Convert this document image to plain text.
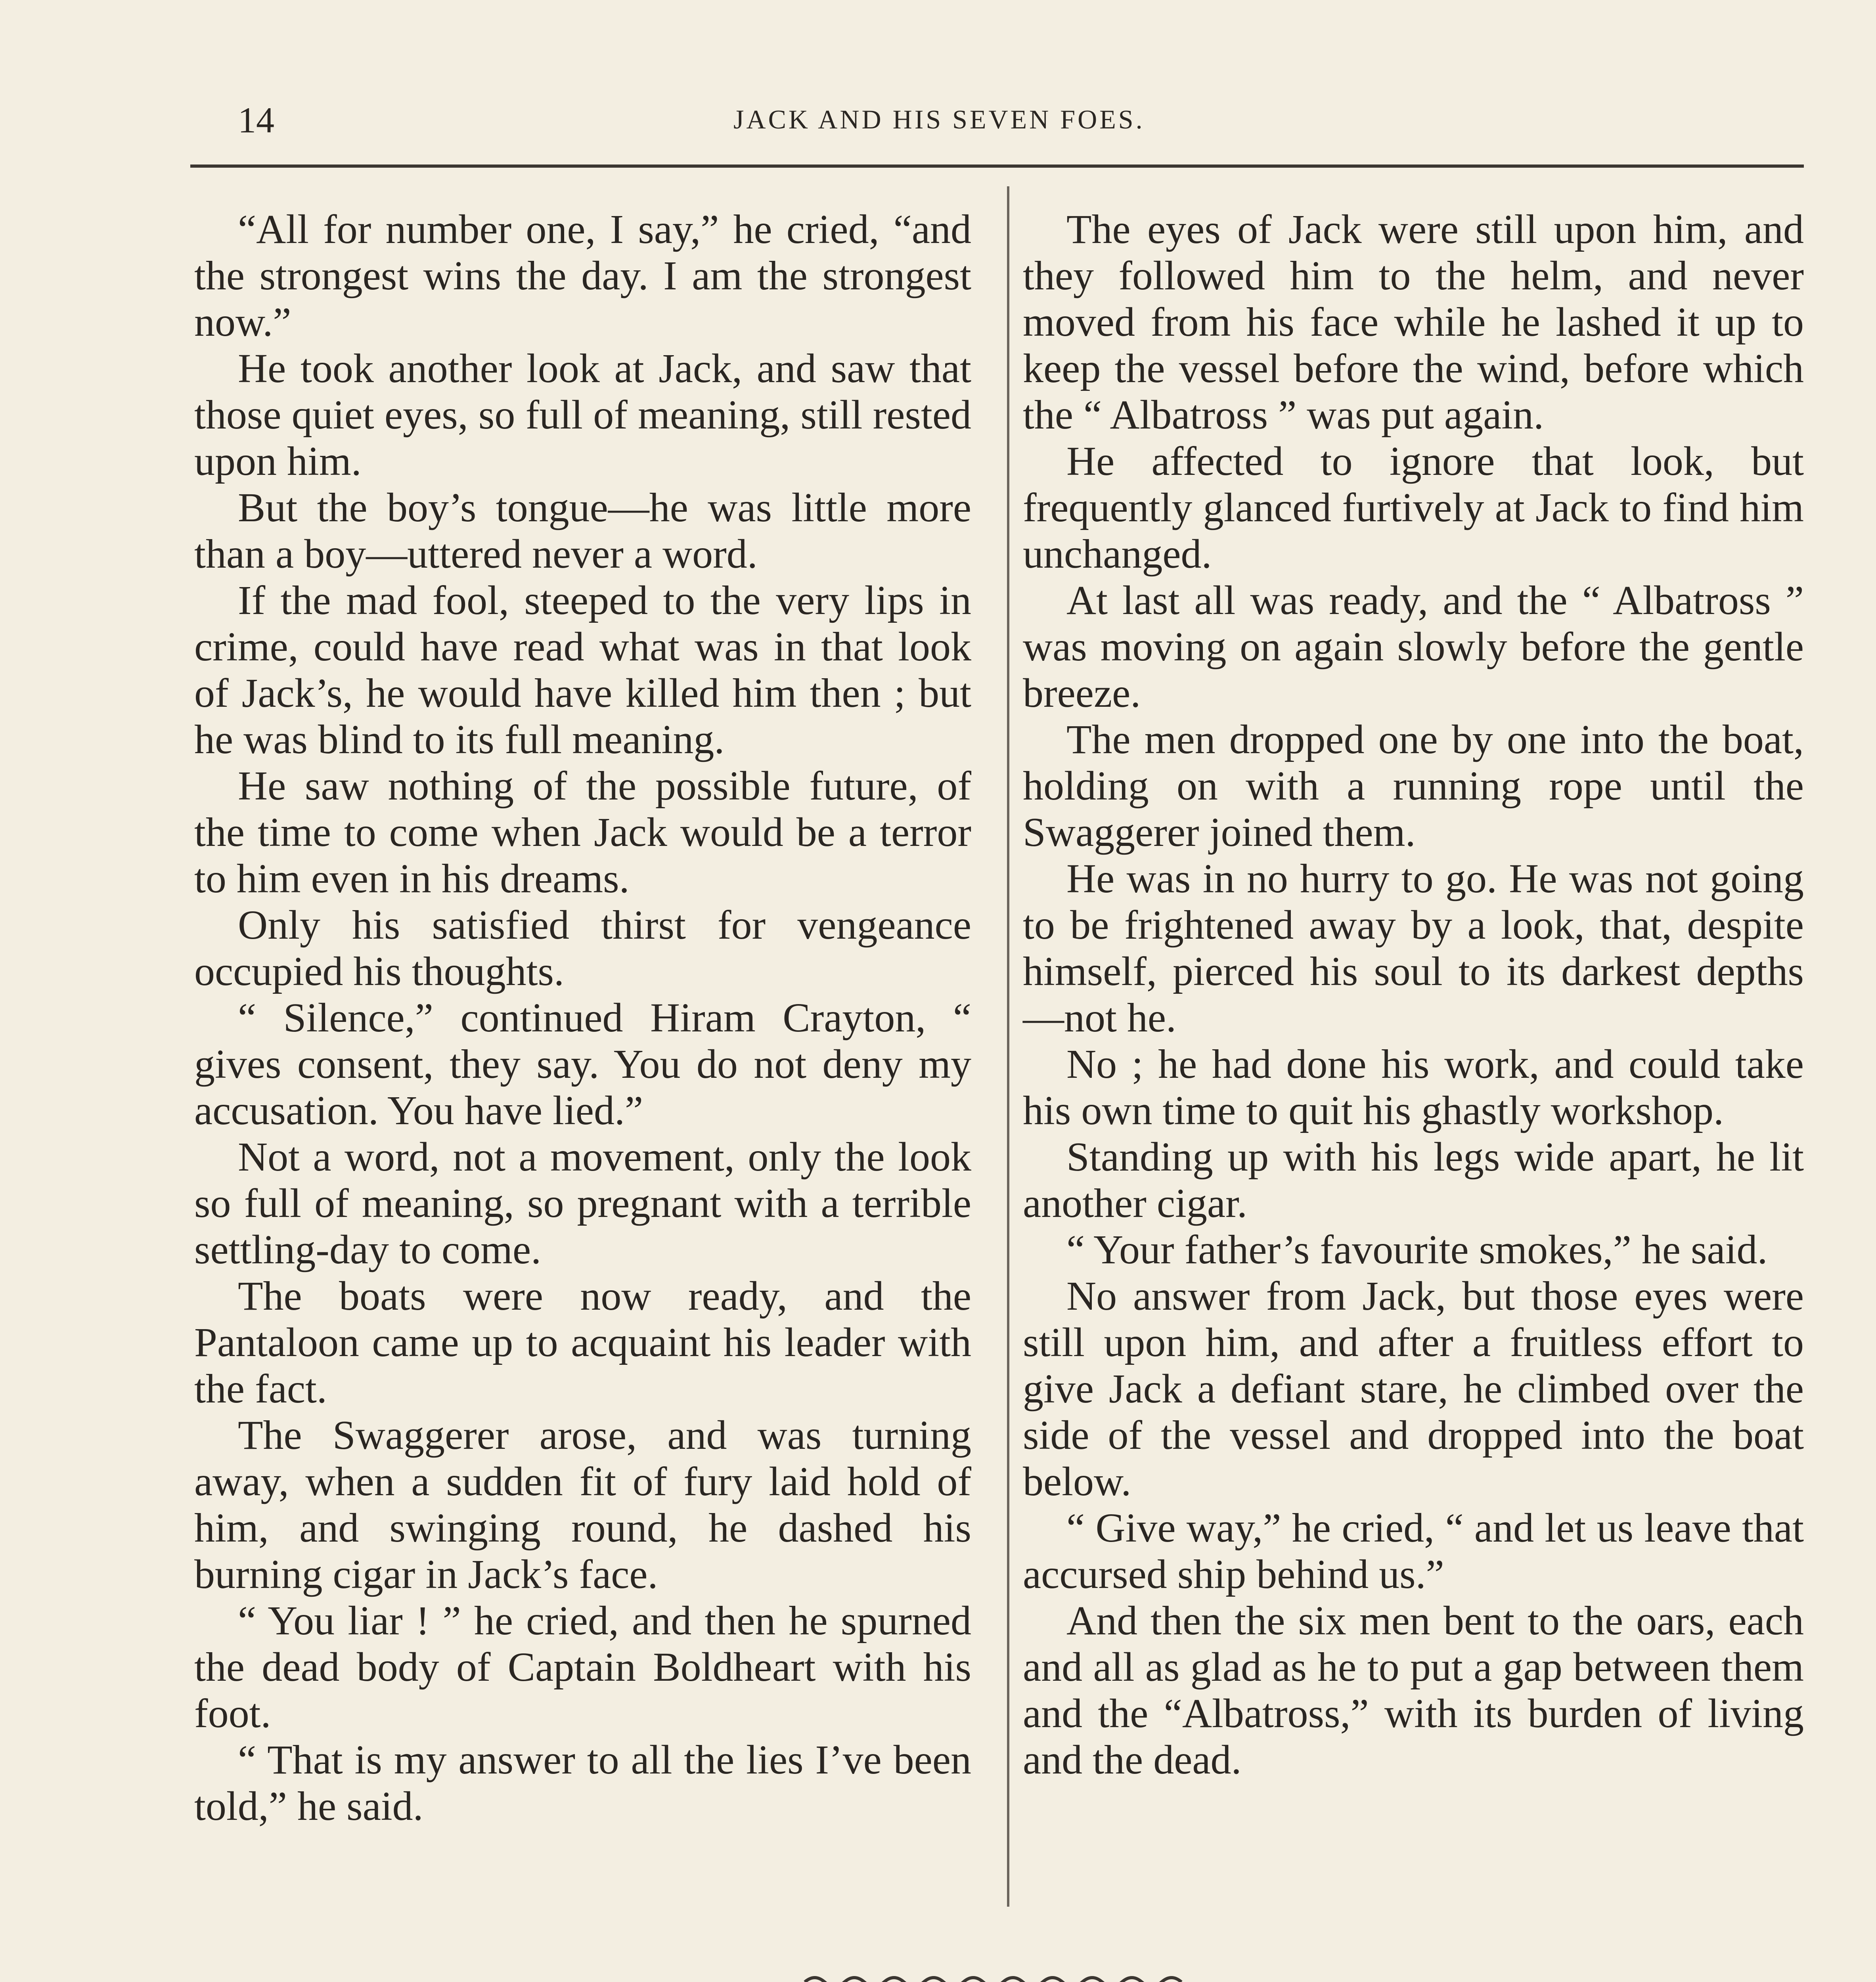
14	JACK AND HIS SEVEN FOES.

“All for number one, I say,” he cried, “and the strongest wins the day. I am the strongest now.”

He took another look at Jack, and saw that those quiet eyes, so full of meaning, still rested upon him.

But the boy’s tongue—he was little more than a boy—uttered never a word.

If the mad fool, steeped to the very lips in crime, could have read what was in that look of Jack’s, he would have killed him then ; but he was blind to its full meaning.

He saw nothing of the possible future, of the time to come when Jack would be a terror to him even in his dreams.

Only his satisfied thirst for vengeance occupied his thoughts.

“ Silence,” continued Hiram Crayton, “ gives consent, they say. You do not deny my accusation. You have lied.”

Not a word, not a movement, only the look so full of meaning, so pregnant with a terrible settling-day to come.

The boats were now ready, and the Pantaloon came up to acquaint his leader with the fact.

The Swaggerer arose, and was turning away, when a sudden fit of fury laid hold of him, and swinging round, he dashed his burning cigar in Jack’s face.

“ You liar ! ” he cried, and then he spurned the dead body of Captain Boldheart with his foot.

“ That is my answer to all the lies I’ve been told,” he said.

The eyes of Jack were still upon him, and they followed him to the helm, and never moved from his face while he lashed it up to keep the vessel before the wind, before which the “ Albatross ” was put again.

He affected to ignore that look, but frequently glanced furtively at Jack to find him unchanged.

At last all was ready, and the “ Albatross ” was moving on again slowly before the gentle breeze.

The men dropped one by one into the boat, holding on with a running rope until the Swaggerer joined them.

He was in no hurry to go. He was not going to be frightened away by a look, that, despite himself, pierced his soul to its darkest depths—not he.

No ; he had done his work, and could take his own time to quit his ghastly workshop.

Standing up with his legs wide apart, he lit another cigar.

“ Your father’s favourite smokes,” he said.

No answer from Jack, but those eyes were still upon him, and after a fruitless effort to give Jack a defiant stare, he climbed over the side of the vessel and dropped into the boat below.

“ Give way,” he cried, “ and let us leave that accursed ship behind us.”

And then the six men bent to the oars, each and all as glad as he to put a gap between them and the “Albatross,” with its burden of living and the dead.
